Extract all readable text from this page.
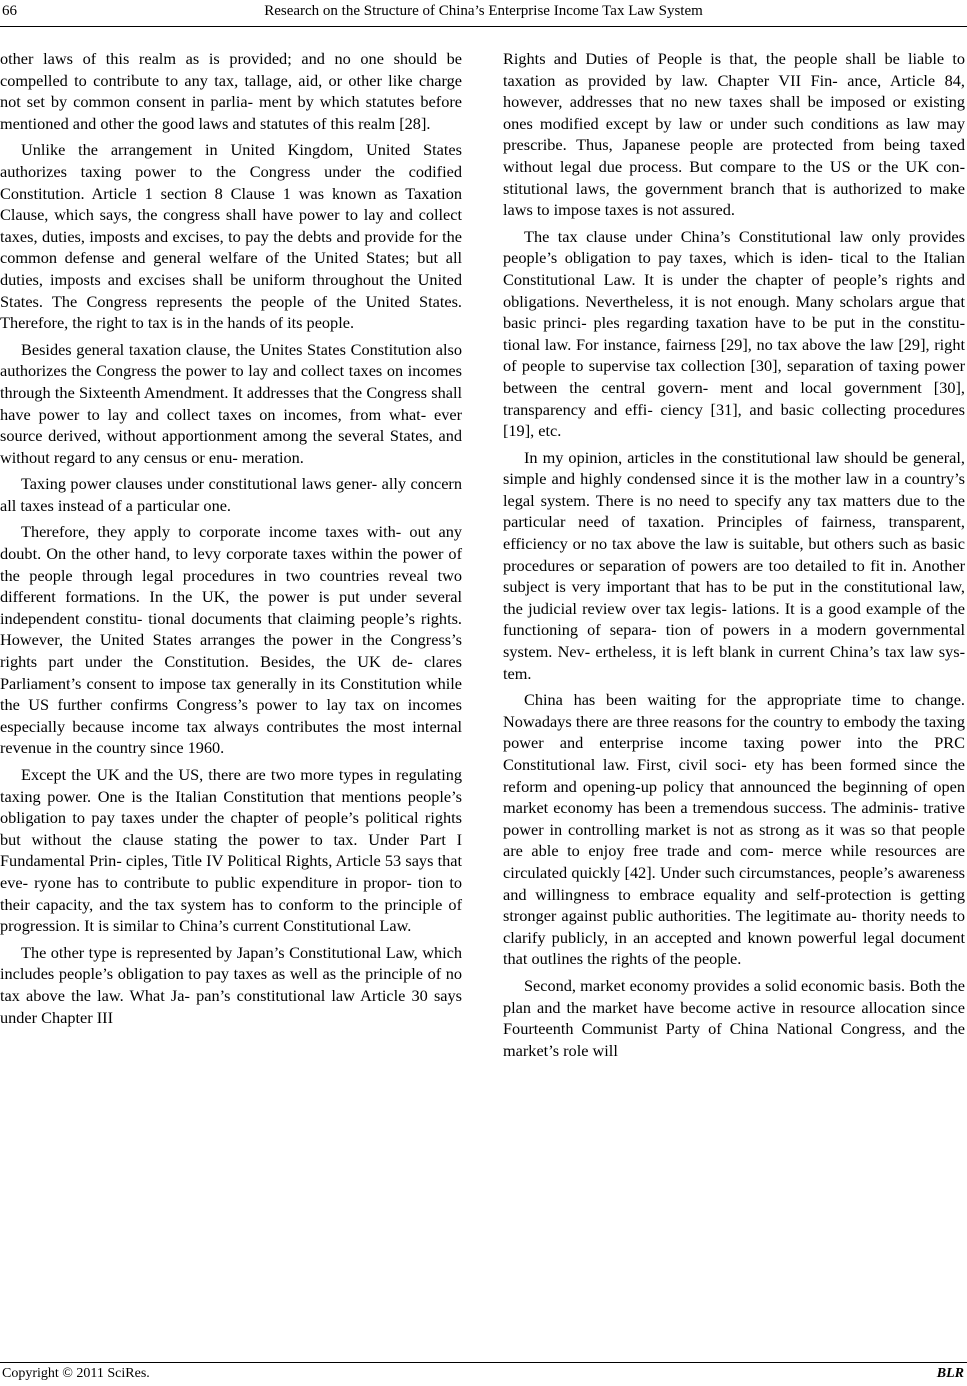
66	Research on the Structure of China’s Enterprise Income Tax Law System

other laws of this realm as is provided; and no one should be compelled to contribute to any tax, tallage, aid, or other like charge not set by common consent in parlia- ment by which statutes before mentioned and other the good laws and statutes of this realm [28].

Unlike the arrangement in United Kingdom, United States authorizes taxing power to the Congress under the codified Constitution. Article 1 section 8 Clause 1 was known as Taxation Clause, which says, the congress shall have power to lay and collect taxes, duties, imposts and excises, to pay the debts and provide for the common defense and general welfare of the United States; but all duties, imposts and excises shall be uniform throughout the United States. The Congress represents the people of the United States. Therefore, the right to tax is in the hands of its people.

Besides general taxation clause, the Unites States Constitution also authorizes the Congress the power to lay and collect taxes on incomes through the Sixteenth Amendment. It addresses that the Congress shall have power to lay and collect taxes on incomes, from what- ever source derived, without apportionment among the several States, and without regard to any census or enu- meration.

Taxing power clauses under constitutional laws gener- ally concern all taxes instead of a particular one.

Therefore, they apply to corporate income taxes with- out any doubt. On the other hand, to levy corporate taxes within the power of the people through legal procedures in two countries reveal two different formations. In the UK, the power is put under several independent constitu- tional documents that claiming people’s rights. However, the United States arranges the power in the Congress’s rights part under the Constitution. Besides, the UK de- clares Parliament’s consent to impose tax generally in its Constitution while the US further confirms Congress’s power to lay tax on incomes especially because income tax always contributes the most internal revenue in the country since 1960.

Except the UK and the US, there are two more types in regulating taxing power. One is the Italian Constitution that mentions people’s obligation to pay taxes under the chapter of people’s political rights but without the clause stating the power to tax. Under Part I Fundamental Prin- ciples, Title IV Political Rights, Article 53 says that eve- ryone has to contribute to public expenditure in propor- tion to their capacity, and the tax system has to conform to the principle of progression. It is similar to China’s current Constitutional Law.

The other type is represented by Japan’s Constitutional Law, which includes people’s obligation to pay taxes as well as the principle of no tax above the law. What Ja- pan’s constitutional law Article 30 says under Chapter III

Rights and Duties of People is that, the people shall be liable to taxation as provided by law. Chapter VII Fin- ance, Article 84, however, addresses that no new taxes shall be imposed or existing ones modified except by law or under such conditions as law may prescribe. Thus, Japanese people are protected from being taxed without legal due process. But compare to the US or the UK con- stitutional laws, the government branch that is authorized to make laws to impose taxes is not assured.

The tax clause under China’s Constitutional law only provides people’s obligation to pay taxes, which is iden- tical to the Italian Constitutional Law. It is under the chapter of people’s rights and obligations. Nevertheless, it is not enough. Many scholars argue that basic princi- ples regarding taxation have to be put in the constitu- tional law. For instance, fairness [29], no tax above the law [29], right of people to supervise tax collection [30], separation of taxing power between the central govern- ment and local government [30], transparency and effi- ciency [31], and basic collecting procedures [19], etc.

In my opinion, articles in the constitutional law should be general, simple and highly condensed since it is the mother law in a country’s legal system. There is no need to specify any tax matters due to the particular need of taxation. Principles of fairness, transparent, efficiency or no tax above the law is suitable, but others such as basic procedures or separation of powers are too detailed to fit in. Another subject is very important that has to be put in the constitutional law, the judicial review over tax legis- lations. It is a good example of the functioning of separa- tion of powers in a modern governmental system. Nev- ertheless, it is left blank in current China’s tax law sys- tem.

China has been waiting for the appropriate time to change. Nowadays there are three reasons for the country to embody the taxing power and enterprise income taxing power into the PRC Constitutional law. First, civil soci- ety has been formed since the reform and opening-up policy that announced the beginning of open market economy has been a tremendous success. The adminis- trative power in controlling market is not as strong as it was so that people are able to enjoy free trade and com- merce while resources are circulated quickly [42]. Under such circumstances, people’s awareness and willingness to embrace equality and self-protection is getting stronger against public authorities. The legitimate au- thority needs to clarify publicly, in an accepted and known powerful legal document that outlines the rights of the people.

Second, market economy provides a solid economic basis. Both the plan and the market have become active in resource allocation since Fourteenth Communist Party of China National Congress, and the market’s role will

Copyright © 2011 SciRes.	BLR
